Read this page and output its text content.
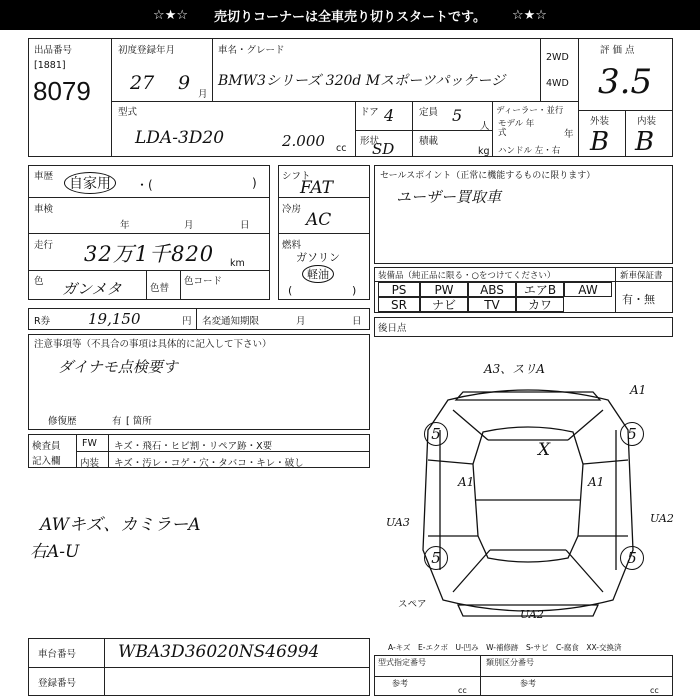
☆★☆ 売切りコーナーは全車売り切りスタートです。 ☆★☆
出品番号
[1881]
8079
初度登録年月
27 9
月
車名・グレード
BMW3シリーズ 320d Mスポーツパッケージ
2WD
4WD
評価点
3.5
外装	内装
B B
型式
LDA-3D20	2.000 cc
ドア 4	定員 5
人
形状
SD	積載
kg
ディーラー・並行
モデル 年式	年
ハンドル 左・右
車歴	自家用	・(	)
車検
年	月	日
走行 32万1千820 km
色 ガンメタ	色替
色コード
シフト
FAT
冷房
AC
燃料
ガソリン
軽油
(	)
セールスポイント（正常に機能するものに限ります）
ユーザー買取車
装備品（純正品に限る・○をつけてください）	新車保証書
PS	PW	ABS	エアB	AW
SR	ナビ	TV	カワ	有・無
R券	19,150	円 名変通知期限	月	日
注意事項等（不具合の事項は具体的に記入して下さい）
ダイナモ点検要す
修復歴	有 [ 箇所
後日点
検査員
記入欄
FW キズ・飛石・ヒビ割・リペア跡・X要
内装 キズ・汚レ・コゲ・穴・タバコ・キレ・破し
AWキズ、カミラーA
右A-U
5	5
5	5
A3、スリA
A1
A1	A1
X
UA3	UA2
UA2
スペア
A-キズ　E-エクボ　U-凹み　W-補修跡　S-サビ　C-腐食　XX-交換済
車台番号 WBA3D36020NS46994
登録番号
型式指定番号	類別区分番号
参考	参考
cc	cc
